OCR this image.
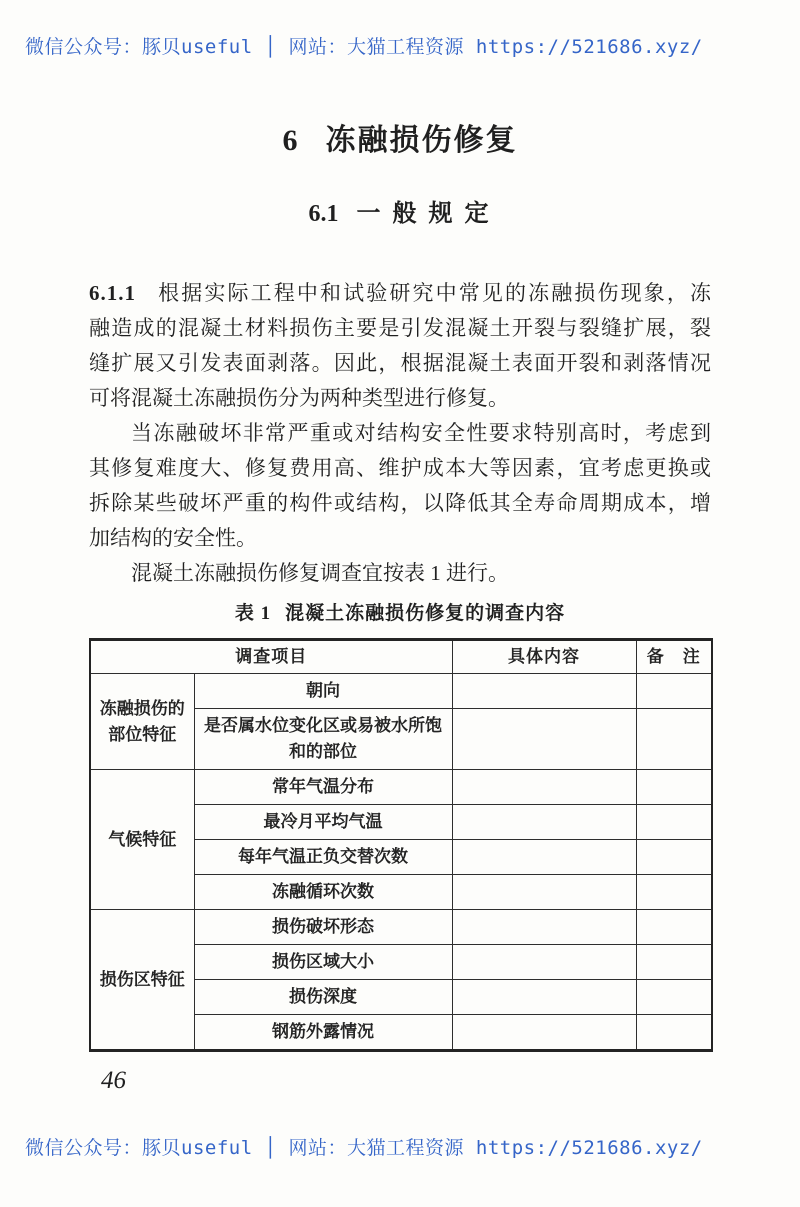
微信公众号：豚贝useful │ 网站：大猫工程资源 https://521686.xyz/
6 冻融损伤修复
6.1 一 般 规 定
6.1.1 根据实际工程中和试验研究中常见的冻融损伤现象，冻
融造成的混凝土材料损伤主要是引发混凝土开裂与裂缝扩展，裂
缝扩展又引发表面剥落。因此，根据混凝土表面开裂和剥落情况
可将混凝土冻融损伤分为两种类型进行修复。
当冻融破坏非常严重或对结构安全性要求特别高时，考虑到
其修复难度大、修复费用高、维护成本大等因素，宜考虑更换或
拆除某些破坏严重的构件或结构，以降低其全寿命周期成本，增
加结构的安全性。
混凝土冻融损伤修复调查宜按表 1 进行。
表 1 混凝土冻融损伤修复的调查内容
调查项目		具体内容	备　注
冻融损伤的部位特征	朝向		
	是否属水位变化区或易被水所饱和的部位		
气候特征	常年气温分布		
	最冷月平均气温		
	每年气温正负交替次数		
	冻融循环次数		
损伤区特征	损伤破坏形态		
	损伤区域大小		
	损伤深度		
	钢筋外露情况		
46
微信公众号：豚贝useful │ 网站：大猫工程资源 https://521686.xyz/
